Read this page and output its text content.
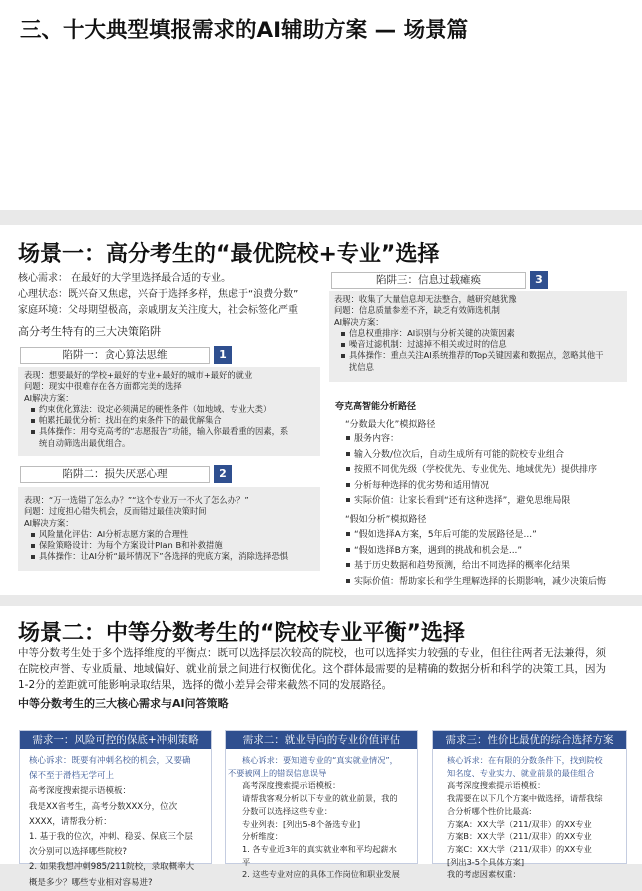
三、十大典型填报需求的AI辅助方案 — 场景篇
场景一：高分考生的“最优院校+专业”选择
核心需求： 在最好的大学里选择最合适的专业。
心理状态：既兴奋又焦虑，兴奋于选择多样，焦虑于“浪费分数”
家庭环境：父母期望极高，亲戚朋友关注度大，社会标签化严重
高分考生特有的三大决策陷阱
陷阱一：贪心算法思维	1
表现：想要最好的学校+最好的专业+最好的城市+最好的就业
问题：现实中很难存在各方面都完美的选择
AI解决方案：
约束优化算法：设定必须满足的硬性条件（如地域、专业大类）
帕累托最优分析：找出在约束条件下的最优解集合
具体操作：用夸克高考的“志愿报告”功能，输入你最看重的因素，系
统自动筛选出最优组合。
陷阱二：损失厌恶心理	2
表现：“万一选错了怎么办？”“这个专业万一不火了怎么办？”
问题：过度担心错失机会，反而错过最佳决策时间
AI解决方案：
风险量化评估：AI分析志愿方案的合理性
保险策略设计：为每个方案设计Plan B和补救措施
具体操作：让AI分析“最坏情况下”各选择的兜底方案，消除选择恐惧
陷阱三：信息过载瘫痪	3
表现：收集了大量信息却无法整合，越研究越犹豫
问题：信息质量参差不齐，缺乏有效筛选机制
AI解决方案：
信息权重排序：AI识别与分析关键的决策因素
噪音过滤机制：过滤掉不相关或过时的信息
具体操作：重点关注AI系统推荐的Top关键因素和数据点，忽略其他干
扰信息
夸克高智能分析路径
“分数最大化”模拟路径
服务内容：
输入分数/位次后，自动生成所有可能的院校专业组合
按照不同优先级（学校优先、专业优先、地域优先）提供排序
分析每种选择的优劣势和适用情况
实际价值：让家长看到“还有这种选择”，避免思维局限
“假如分析”模拟路径
“假如选择A方案，5年后可能的发展路径是...”
“假如选择B方案，遇到的挑战和机会是...”
基于历史数据和趋势预测，给出不同选择的概率化结果
实际价值：帮助家长和学生理解选择的长期影响，减少决策后悔
场景二：中等分数考生的“院校专业平衡”选择
中等分数考生处于多个选择维度的平衡点：既可以选择层次较高的院校，也可以选择实力较强的专业，但往往两者无法兼得，须
在院校声誉、专业质量、地域偏好、就业前景之间进行权衡优化。这个群体最需要的是精确的数据分析和科学的决策工具，因为
1-2分的差距就可能影响录取结果，选择的微小差异会带来截然不同的发展路径。
中等分数考生的三大核心需求与AI问答策略
需求一：风险可控的保底+冲刺策略
核心诉求：既要有冲刺名校的机会，又要确
保不至于滑档无学可上
高考深度搜索提示语模板：
我是XX省考生，高考分数XXX分，位次
XXXX，请帮我分析：
1. 基于我的位次，冲刺、稳妥、保底三个层
次分别可以选择哪些院校?
2. 如果我想冲刺985/211院校，录取概率大
概是多少？哪些专业相对容易进?
需求二：就业导向的专业价值评估
核心诉求：要知道专业的“真实就业情况”，
不要被网上的错误信息误导
高考深度搜索提示语模板：
请帮我客观分析以下专业的就业前景，我的
分数可以选择这些专业：
专业列表：[列出5-8个备选专业]
分析维度：
1. 各专业近3年的真实就业率和平均起薪水
平
2. 这些专业对应的具体工作岗位和职业发展
需求三：性价比最优的综合选择方案
核心诉求：在有限的分数条件下，找到院校
知名度、专业实力、就业前景的最佳组合
高考深度搜索提示语模板：
我需要在以下几个方案中做选择，请帮我综
合分析哪个性价比最高:
方案A：XX大学（211/双非）的XX专业
方案B：XX大学（211/双非）的XX专业
方案C：XX大学（211/双非）的XX专业
[列出3-5个具体方案]
我的考虑因素权重：
